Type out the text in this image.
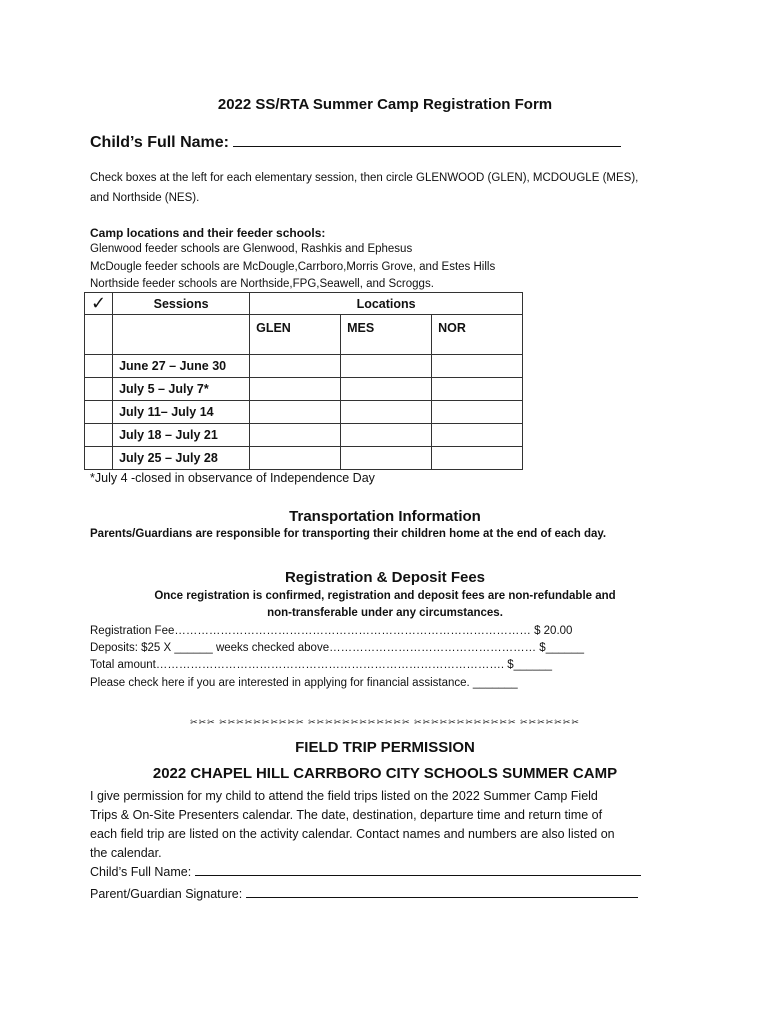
2022 SS/RTA Summer Camp Registration Form
Child’s Full Name:
Check boxes at the left for each elementary session, then circle GLENWOOD (GLEN), MCDOUGLE (MES),
and Northside (NES).
Camp locations and their feeder schools:
Glenwood feeder schools are Glenwood, Rashkis and Ephesus
McDougle feeder schools are McDougle,Carrboro,Morris Grove, and Estes Hills
Northside feeder schools are Northside,FPG,Seawell, and Scroggs.
✓	Sessions	Locations		
		GLEN	MES	NOR
	June 27 – June 30			
	July 5 – July 7*			
	July 11– July 14			
	July 18 – July 21			
	July 25 – July 28			
*July 4 -closed in observance of Independence Day
Transportation Information
Parents/Guardians are responsible for transporting their children home at the end of each day.
Registration & Deposit Fees
Once registration is confirmed, registration and deposit fees are non-refundable and
non-transferable under any circumstances.
Registration Fee………………………………………………………………………………… $ 20.00
Deposits: $25 X ______ weeks checked above……………………………………………… $______
Total amount………………………………………………………………………………. $______
Please check here if you are interested in applying for financial assistance. _______
✂✂✂ ✂✂✂✂✂✂✂✂✂✂ ✂✂✂✂✂✂✂✂✂✂✂✂ ✂✂✂✂✂✂✂✂✂✂✂✂ ✂✂✂✂✂✂✂
FIELD TRIP PERMISSION
2022 CHAPEL HILL CARRBORO CITY SCHOOLS SUMMER CAMP
I give permission for my child to attend the field trips listed on the 2022 Summer Camp Field
Trips & On-Site Presenters calendar. The date, destination, departure time and return time of
each field trip are listed on the activity calendar. Contact names and numbers are also listed on
the calendar.
Child’s Full Name:
Parent/Guardian Signature:
